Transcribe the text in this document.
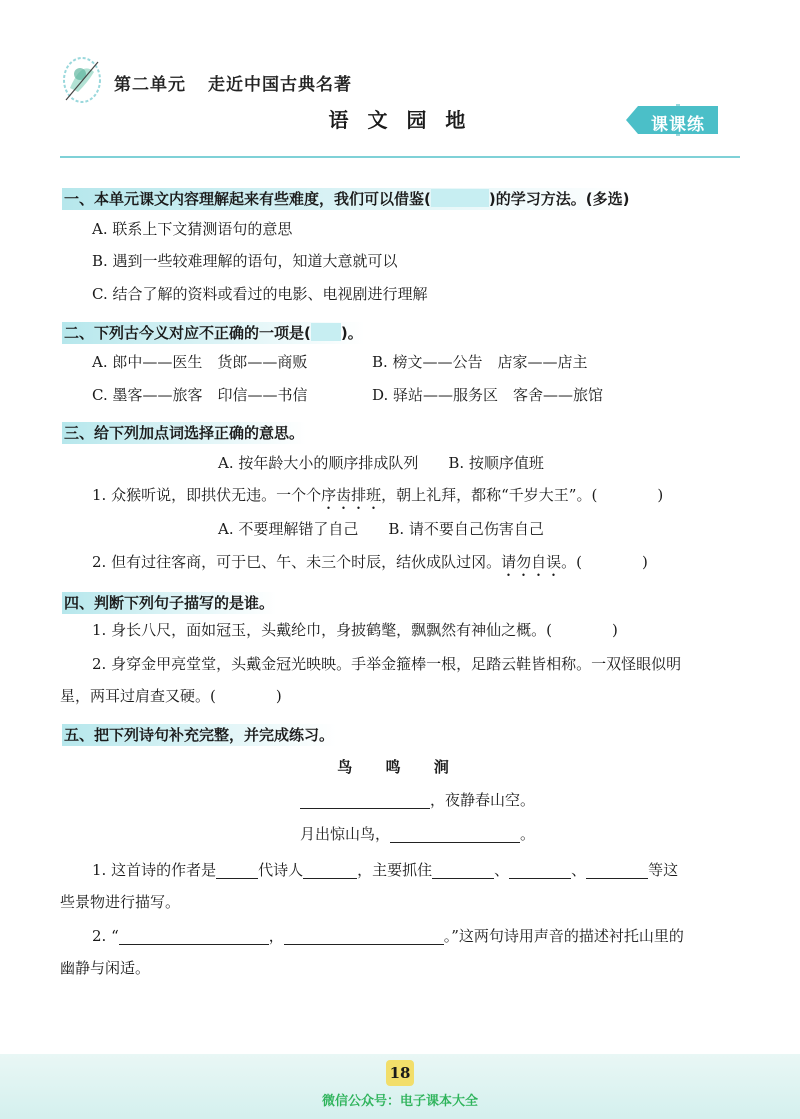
第二单元 走近中国古典名著
语 文 园 地	课课练
一、本单元课文内容理解起来有些难度，我们可以借鉴(	)的学习方法。(多选)
A. 联系上下文猜测语句的意思
B. 遇到一些较难理解的语句，知道大意就可以
C. 结合了解的资料或看过的电影、电视剧进行理解
二、下列古今义对应不正确的一项是( )。
A. 郎中——医生　货郎——商贩	B. 榜文——公告　店家——店主
C. 墨客——旅客　印信——书信	D. 驿站——服务区　客舍——旅馆
三、给下列加点词选择正确的意思。
A. 按年龄大小的顺序排成队列　　B. 按顺序值班
1. 众猴听说，即拱伏无违。一个个序齿排班，朝上礼拜，都称“千岁大王”。(	)
A. 不要理解错了自己　　B. 请不要自己伤害自己
2. 但有过往客商，可于巳、午、未三个时辰，结伙成队过冈。请勿自误。(	)
四、判断下列句子描写的是谁。
1. 身长八尺，面如冠玉，头戴纶巾，身披鹤氅，飘飘然有神仙之概。(	)
2. 身穿金甲亮堂堂，头戴金冠光映映。手举金箍棒一根，足踏云鞋皆相称。一双怪眼似明
星，两耳过肩查又硬。(	)
五、把下列诗句补充完整，并完成练习。
鸟 鸣 涧
，夜静春山空。
月出惊山鸟，	。
1. 这首诗的作者是	代诗人	，主要抓住	、	、	等这
些景物进行描写。
2. “	，	。”这两句诗用声音的描述衬托山里的
幽静与闲适。
18
微信公众号：电子课本大全
